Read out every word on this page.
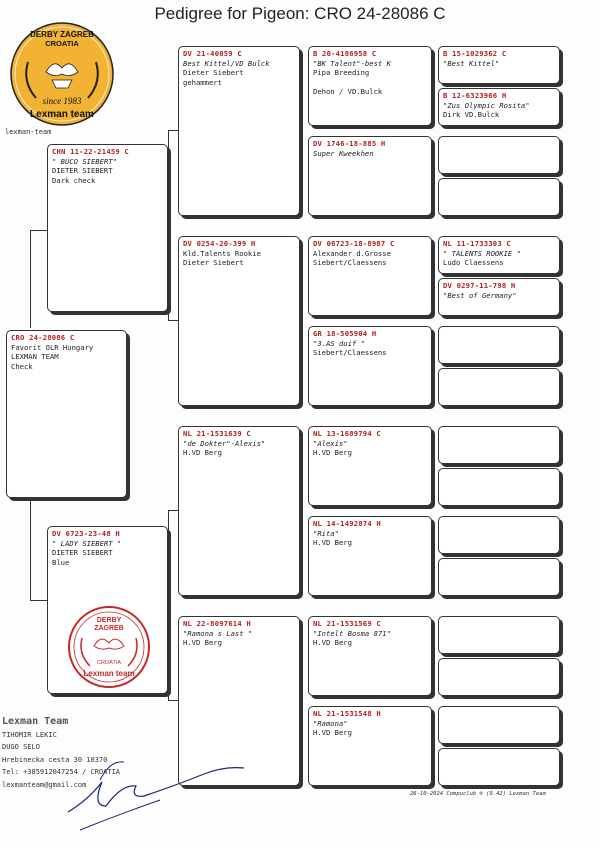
Pedigree for Pigeon: CRO 24-28086 C
DERBY ZAGREB
CROATIA
since 1983
Lexman team
lexman-team
CRO 24-28086 C
Favorit OLR Hungary
LEXMAN TEAM
Check
CHN 11-22-21459 C
" BUCO SIEBERT"
DIETER SIEBERT
Dark check
DV 6723-23-48 H
" LADY SIEBERT "
DIETER SIEBERT
Blue
DERBY
ZAGREB
CROATIA
Lexman team
DV 21-40059 C
Best Kittel/VD Bulck
Dieter Siebert
gehammert
DV 0254-20-399 H
Kld.Talents Rookie
Dieter Siebert
NL 21-1531639 C
"de Dokter"-Alexis"
H.VD Berg
NL 22-8097614 H
"Ramona s Last "
H.VD Berg
B 20-4186958 C
"BK Talent"-best K
Pipa Breeding

Dehon / VD.Bulck
DV 1746-18-885 H
Super Kweekhen
DV 06723-18-8987 C
Alexander d.Grosse
Siebert/Claessens
GR 18-505904 H
"3.AS duif "
Siebert/Claessens
NL 13-1689794 C
"Alexis"
H.VD Berg
NL 14-1492874 H
"Rita"
H.VD Berg
NL 21-1531569 C
"Intelt Bosma 871"
H.VD Berg
NL 21-1531548 H
"Ramona"
H.VD Berg
B 15-1029362 C
"Best Kittel"
B 12-6323966 H
"Zus Olympic Rosita"
Dirk VD.Bulck
NL 11-1733303 C
" TALENTS ROOKIE "
Ludo Claessens
DV 0297-11-798 H
"Best of Germany"
Lexman Team
TIHOMIR LEKIC
DUGO SELO
Hrebinecka cesta 30 10370
Tel: +385912047254 / CROATIA
lexmanteam@gmail.com
26-10-2024 Compuclub ® (9.42) Lexman Team
